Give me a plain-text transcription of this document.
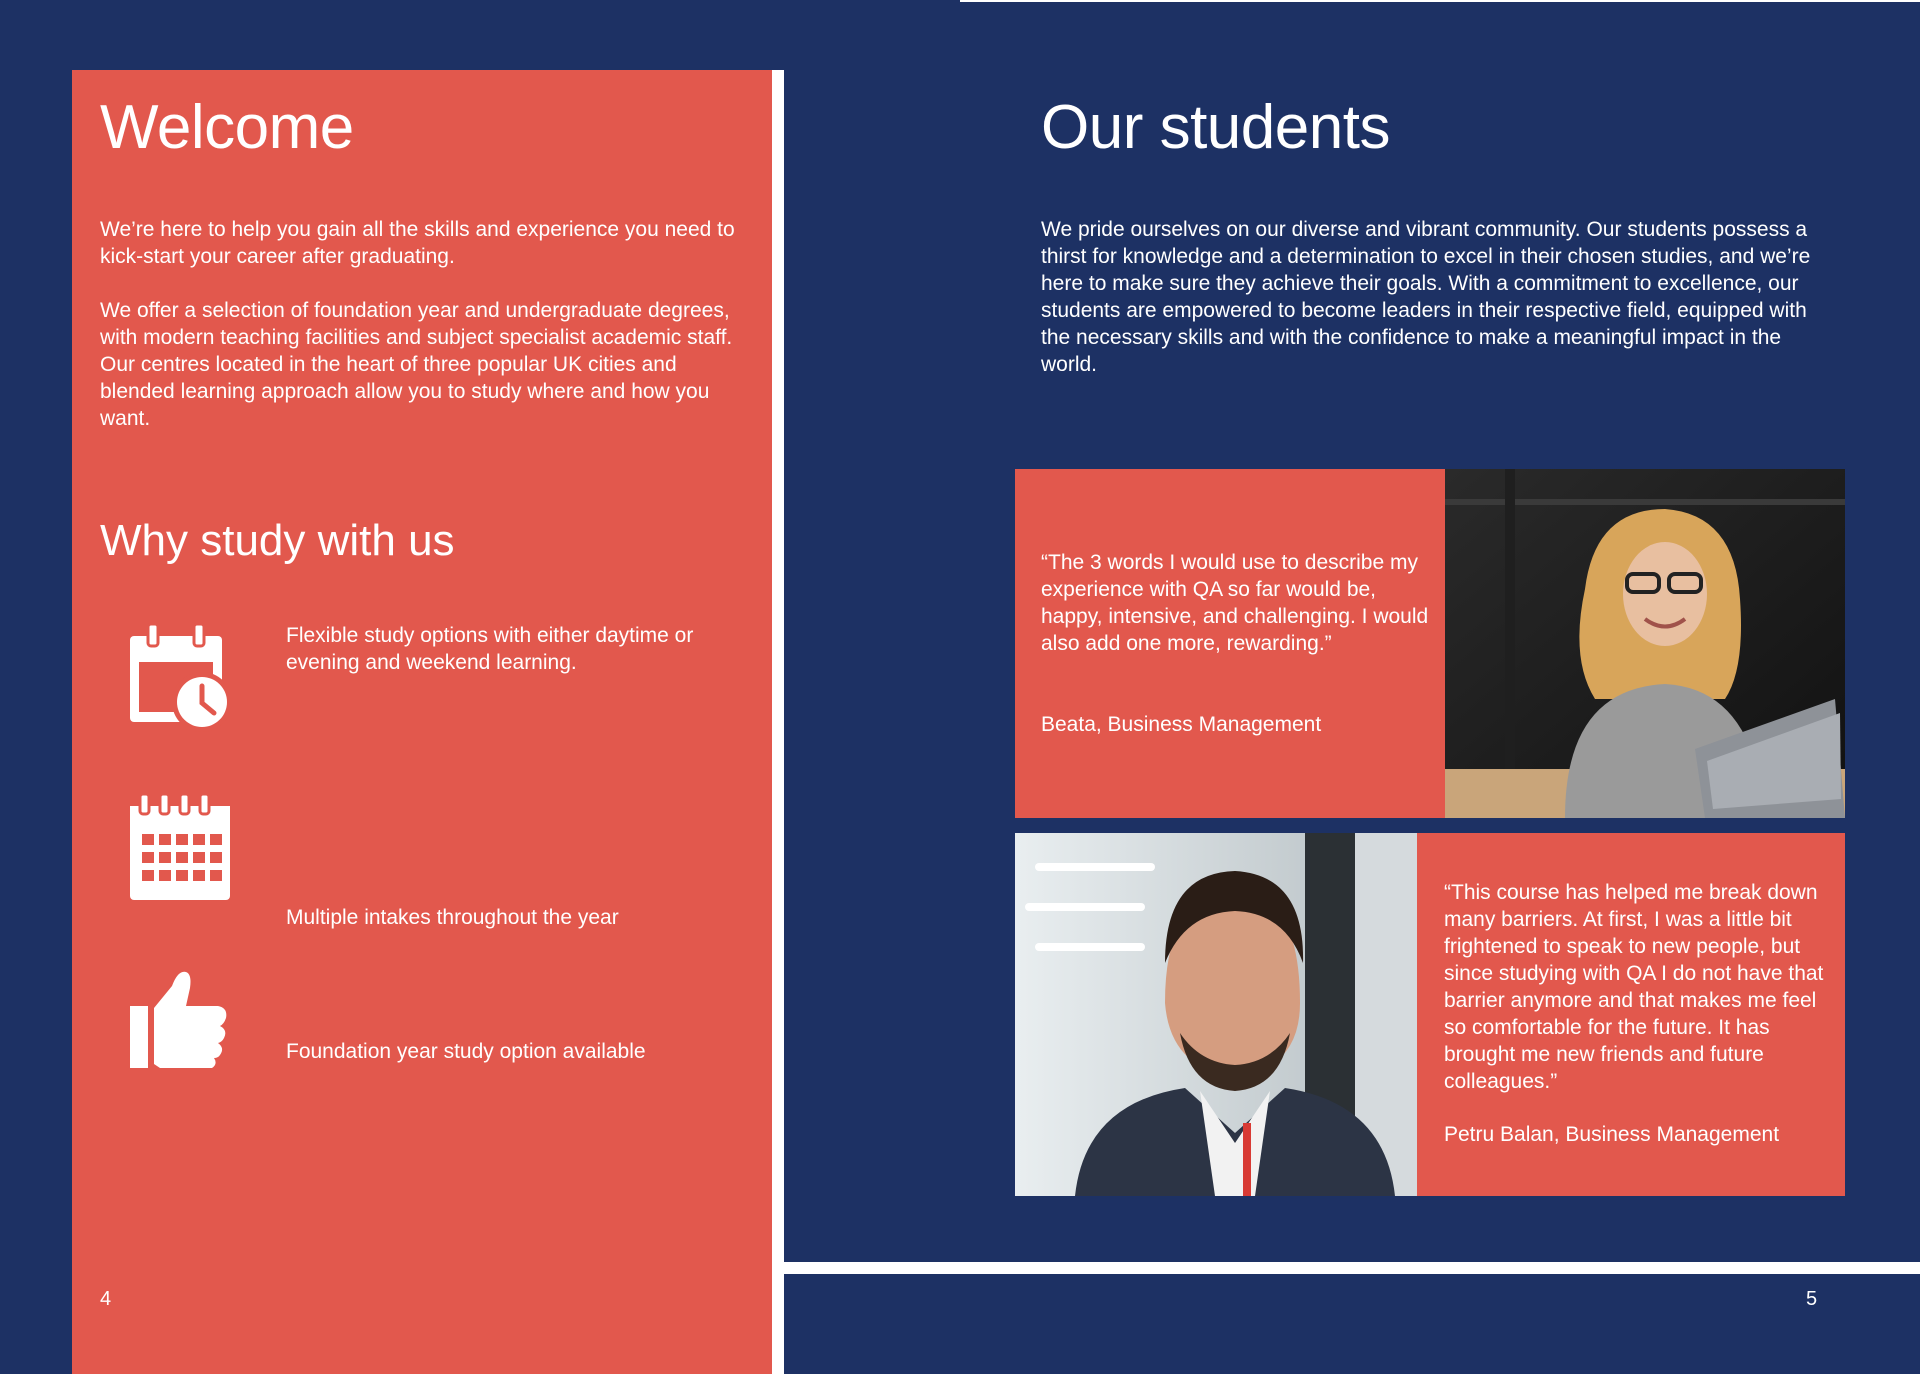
Welcome

We’re here to help you gain all the skills and experience you need to kick-start your career after graduating.

We offer a selection of foundation year and undergraduate degrees, with modern teaching facilities and subject specialist academic staff. Our centres located in the heart of three popular UK cities and blended learning approach allow you to study where and how you want.

Why study with us
Flexible study options with either daytime or evening and weekend learning.
Multiple intakes throughout the year
Foundation year study option available
4
Our students

We pride ourselves on our diverse and vibrant community. Our students possess a thirst for knowledge and a determination to excel in their chosen studies, and we’re here to make sure they achieve their goals. With a commitment to excellence, our students are empowered to become leaders in their respective field, equipped with the necessary skills and with the confidence to make a meaningful impact in the world.

“The 3 words I would use to describe my experience with QA so far would be, happy, intensive, and challenging. I would also add one more, rewarding.”

Beata, Business Management

“This course has helped me break down many barriers. At first, I was a little bit frightened to speak to new people, but since studying with QA I do not have that barrier anymore and that makes me feel so comfortable for the future. It has brought me new friends and future colleagues.”

Petru Balan, Business Management

5
